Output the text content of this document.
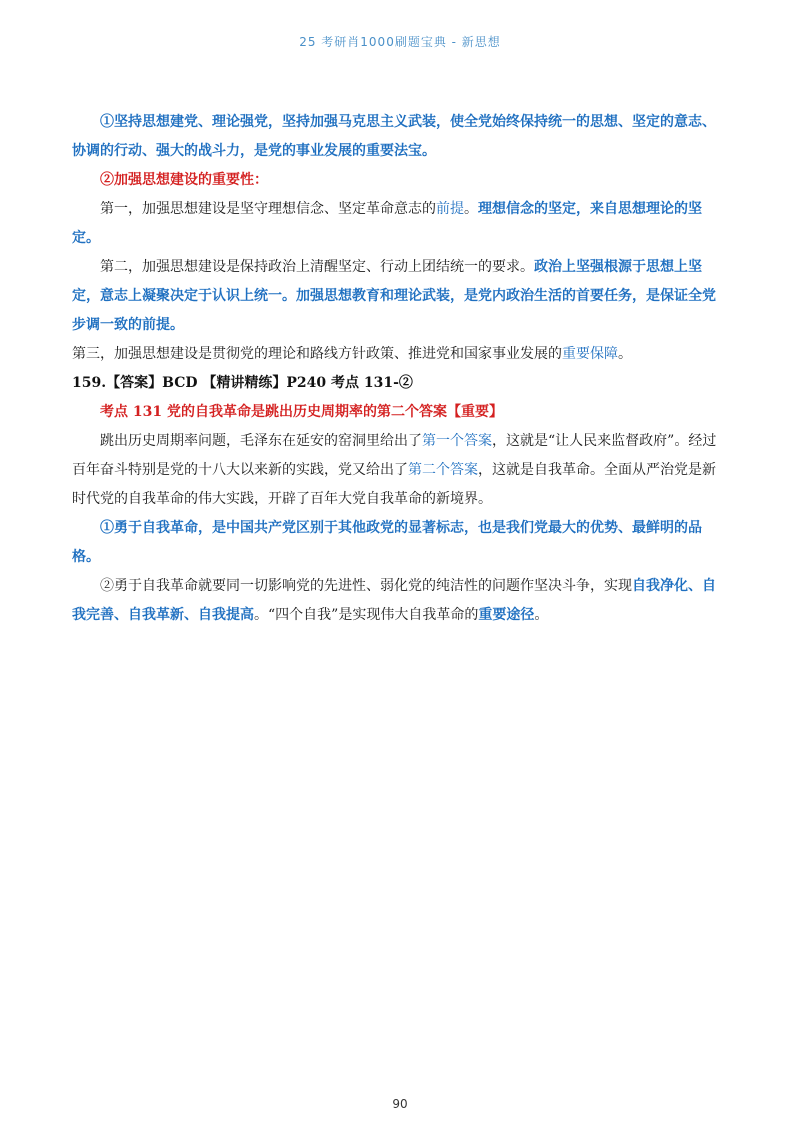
25 考研肖1000刷题宝典 - 新思想

①坚持思想建党、理论强党，坚持加强马克思主义武装，使全党始终保持统一的思想、坚定的意志、协调的行动、强大的战斗力，是党的事业发展的重要法宝。

②加强思想建设的重要性：

第一，加强思想建设是坚守理想信念、坚定革命意志的前提。理想信念的坚定，来自思想理论的坚定。

第二，加强思想建设是保持政治上清醒坚定、行动上团结统一的要求。政治上坚强根源于思想上坚定，意志上凝聚决定于认识上统一。加强思想教育和理论武装，是党内政治生活的首要任务，是保证全党步调一致的前提。

第三，加强思想建设是贯彻党的理论和路线方针政策、推进党和国家事业发展的重要保障。

159.【答案】BCD 【精讲精练】P240 考点 131-②

考点 131 党的自我革命是跳出历史周期率的第二个答案【重要】

跳出历史周期率问题，毛泽东在延安的窑洞里给出了第一个答案，这就是“让人民来监督政府”。经过百年奋斗特别是党的十八大以来新的实践，党又给出了第二个答案，这就是自我革命。全面从严治党是新时代党的自我革命的伟大实践，开辟了百年大党自我革命的新境界。

①勇于自我革命，是中国共产党区别于其他政党的显著标志，也是我们党最大的优势、最鲜明的品格。

②勇于自我革命就要同一切影响党的先进性、弱化党的纯洁性的问题作坚决斗争，实现自我净化、自我完善、自我革新、自我提高。“四个自我”是实现伟大自我革命的重要途径。

90
